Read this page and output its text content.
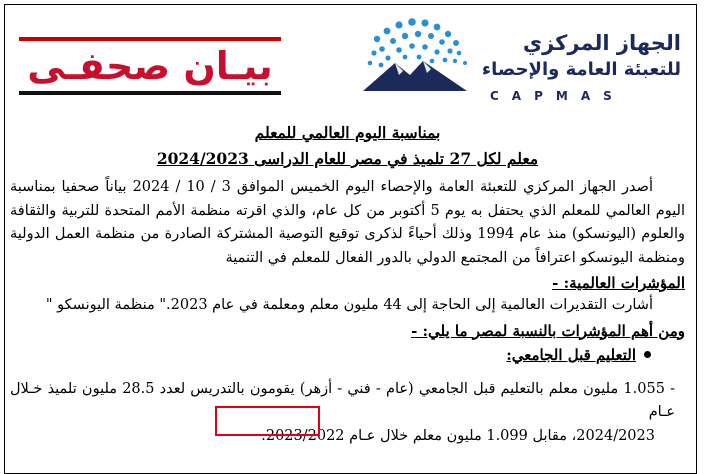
بيـان صحفـى
الجهاز المركزي
للتعبئة العامة والإحصاء
CAPMAS

بمناسبة اليوم العالمي للمعلم

معلم لكل 27 تلميذ في مصر للعام الدراسى 2024/2023

أصدر الجهاز المركزي للتعبئة العامة والإحصاء اليوم الخميس الموافق 3 / 10 / 2024 بياناً صحفيا بمناسبة اليوم العالمي للمعلم الذي يحتفل به يوم 5 أكتوبر من كل عام، والذي اقرته منظمة الأمم المتحدة للتربية والثقافة والعلوم (اليونسكو) منذ عام 1994 وذلك أحياءً لذكرى توقيع التوصية المشتركة الصادرة من منظمة العمل الدولية ومنظمة اليونسكو اعترافاً من المجتمع الدولي بالدور الفعال للمعلم في التنمية

المؤشرات العالمية: -

أشارت التقديرات العالمية إلى الحاجة إلى 44 مليون معلم ومعلمة في عام 2023." منظمة اليونسكو "

ومن أهم المؤشرات بالنسبة لمصر ما يلي: -

التعليم قبل الجامعي:

- 1.055 مليون معلم بالتعليم قبل الجامعي (عام - فني - أزهر) يقومون بالتدريس لعدد 28.5 مليون تلميذ خـلال عـام

2024/2023، مقابل 1.099 مليون معلم خلال عـام 2023/2022.
